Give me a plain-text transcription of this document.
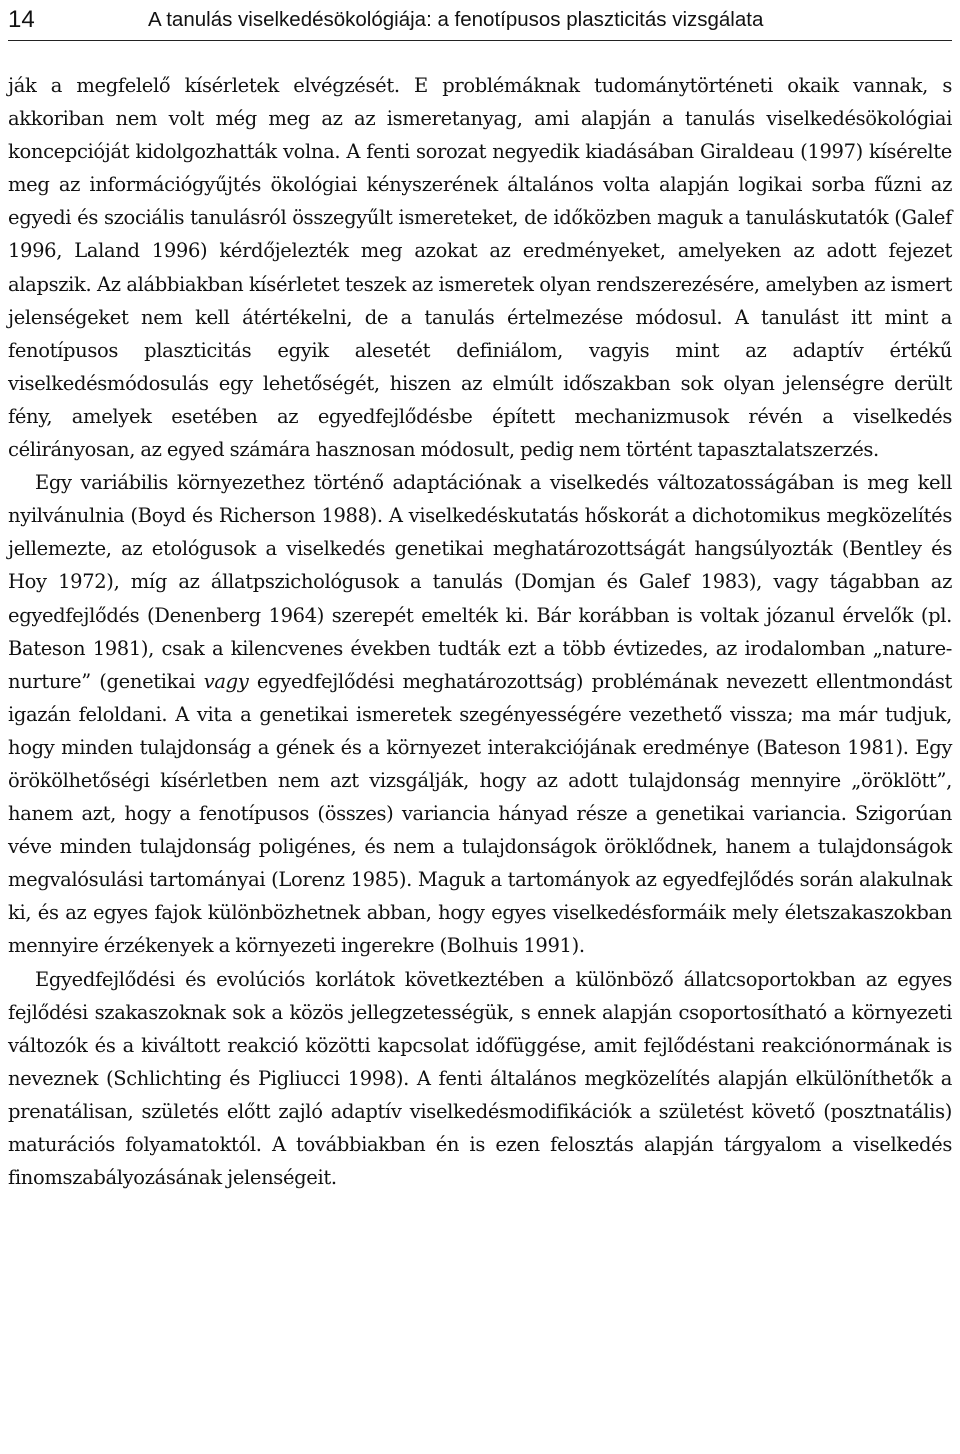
14	A tanulás viselkedésökológiája: a fenotípusos plaszticitás vizsgálata

ják a megfelelő kísérletek elvégzését. E problémáknak tudománytörténeti okaik vannak, s akkoriban nem volt még meg az az ismeretanyag, ami alapján a tanulás viselkedésökológiai koncepcióját kidolgozhatták volna. A fenti sorozat negyedik kiadásában Giraldeau (1997) kísérelte meg az információgyűjtés ökológiai kényszerének általános volta alapján logikai sorba fűzni az egyedi és szociális tanulásról összegyűlt ismereteket, de időközben maguk a tanuláskutatók (Galef 1996, Laland 1996) kérdőjelezték meg azokat az eredményeket, amelyeken az adott fejezet alapszik. Az alábbiakban kísérletet teszek az ismeretek olyan rendszerezésére, amelyben az ismert jelenségeket nem kell átértékelni, de a tanulás értelmezése módosul. A tanulást itt mint a fenotípusos plaszticitás egyik alesetét definiálom, vagyis mint az adaptív értékű viselkedésmódosulás egy lehetőségét, hiszen az elmúlt időszakban sok olyan jelenségre derült fény, amelyek esetében az egyedfejlődésbe épített mechanizmusok révén a viselkedés célirányosan, az egyed számára hasznosan módosult, pedig nem történt tapasztalatszerzés.

Egy variábilis környezethez történő adaptációnak a viselkedés változatosságában is meg kell nyilvánulnia (Boyd és Richerson 1988). A viselkedéskutatás hőskorát a dichotomikus megközelítés jellemezte, az etológusok a viselkedés genetikai meghatározottságát hangsúlyozták (Bentley és Hoy 1972), míg az állatpszichológusok a tanulás (Domjan és Galef 1983), vagy tágabban az egyedfejlődés (Denenberg 1964) szerepét emelték ki. Bár korábban is voltak józanul érvelők (pl. Bateson 1981), csak a kilencvenes években tudták ezt a több évtizedes, az irodalomban „nature-nurture” (genetikai vagy egyedfejlődési meghatározottság) problémának nevezett ellentmondást igazán feloldani. A vita a genetikai ismeretek szegényességére vezethető vissza; ma már tudjuk, hogy minden tulajdonság a gének és a környezet interakciójának eredménye (Bateson 1981). Egy örökölhetőségi kísérletben nem azt vizsgálják, hogy az adott tulajdonság mennyire „öröklött”, hanem azt, hogy a fenotípusos (összes) variancia hányad része a genetikai variancia. Szigorúan véve minden tulajdonság poligénes, és nem a tulajdonságok öröklődnek, hanem a tulajdonságok megvalósulási tartományai (Lorenz 1985). Maguk a tartományok az egyedfejlődés során alakulnak ki, és az egyes fajok különbözhetnek abban, hogy egyes viselkedésformáik mely életszakaszokban mennyire érzékenyek a környezeti ingerekre (Bolhuis 1991).

Egyedfejlődési és evolúciós korlátok következtében a különböző állatcsoportokban az egyes fejlődési szakaszoknak sok a közös jellegzetességük, s ennek alapján csoportosítható a környezeti változók és a kiváltott reakció közötti kapcsolat időfüggése, amit fejlődéstani reakciónormának is neveznek (Schlichting és Pigliucci 1998). A fenti általános megközelítés alapján elkülöníthetők a prenatálisan, születés előtt zajló adaptív viselkedésmodifikációk a születést követő (posztnatális) maturációs folyamatoktól. A továbbiakban én is ezen felosztás alapján tárgyalom a viselkedés finomszabályozásának jelenségeit.
